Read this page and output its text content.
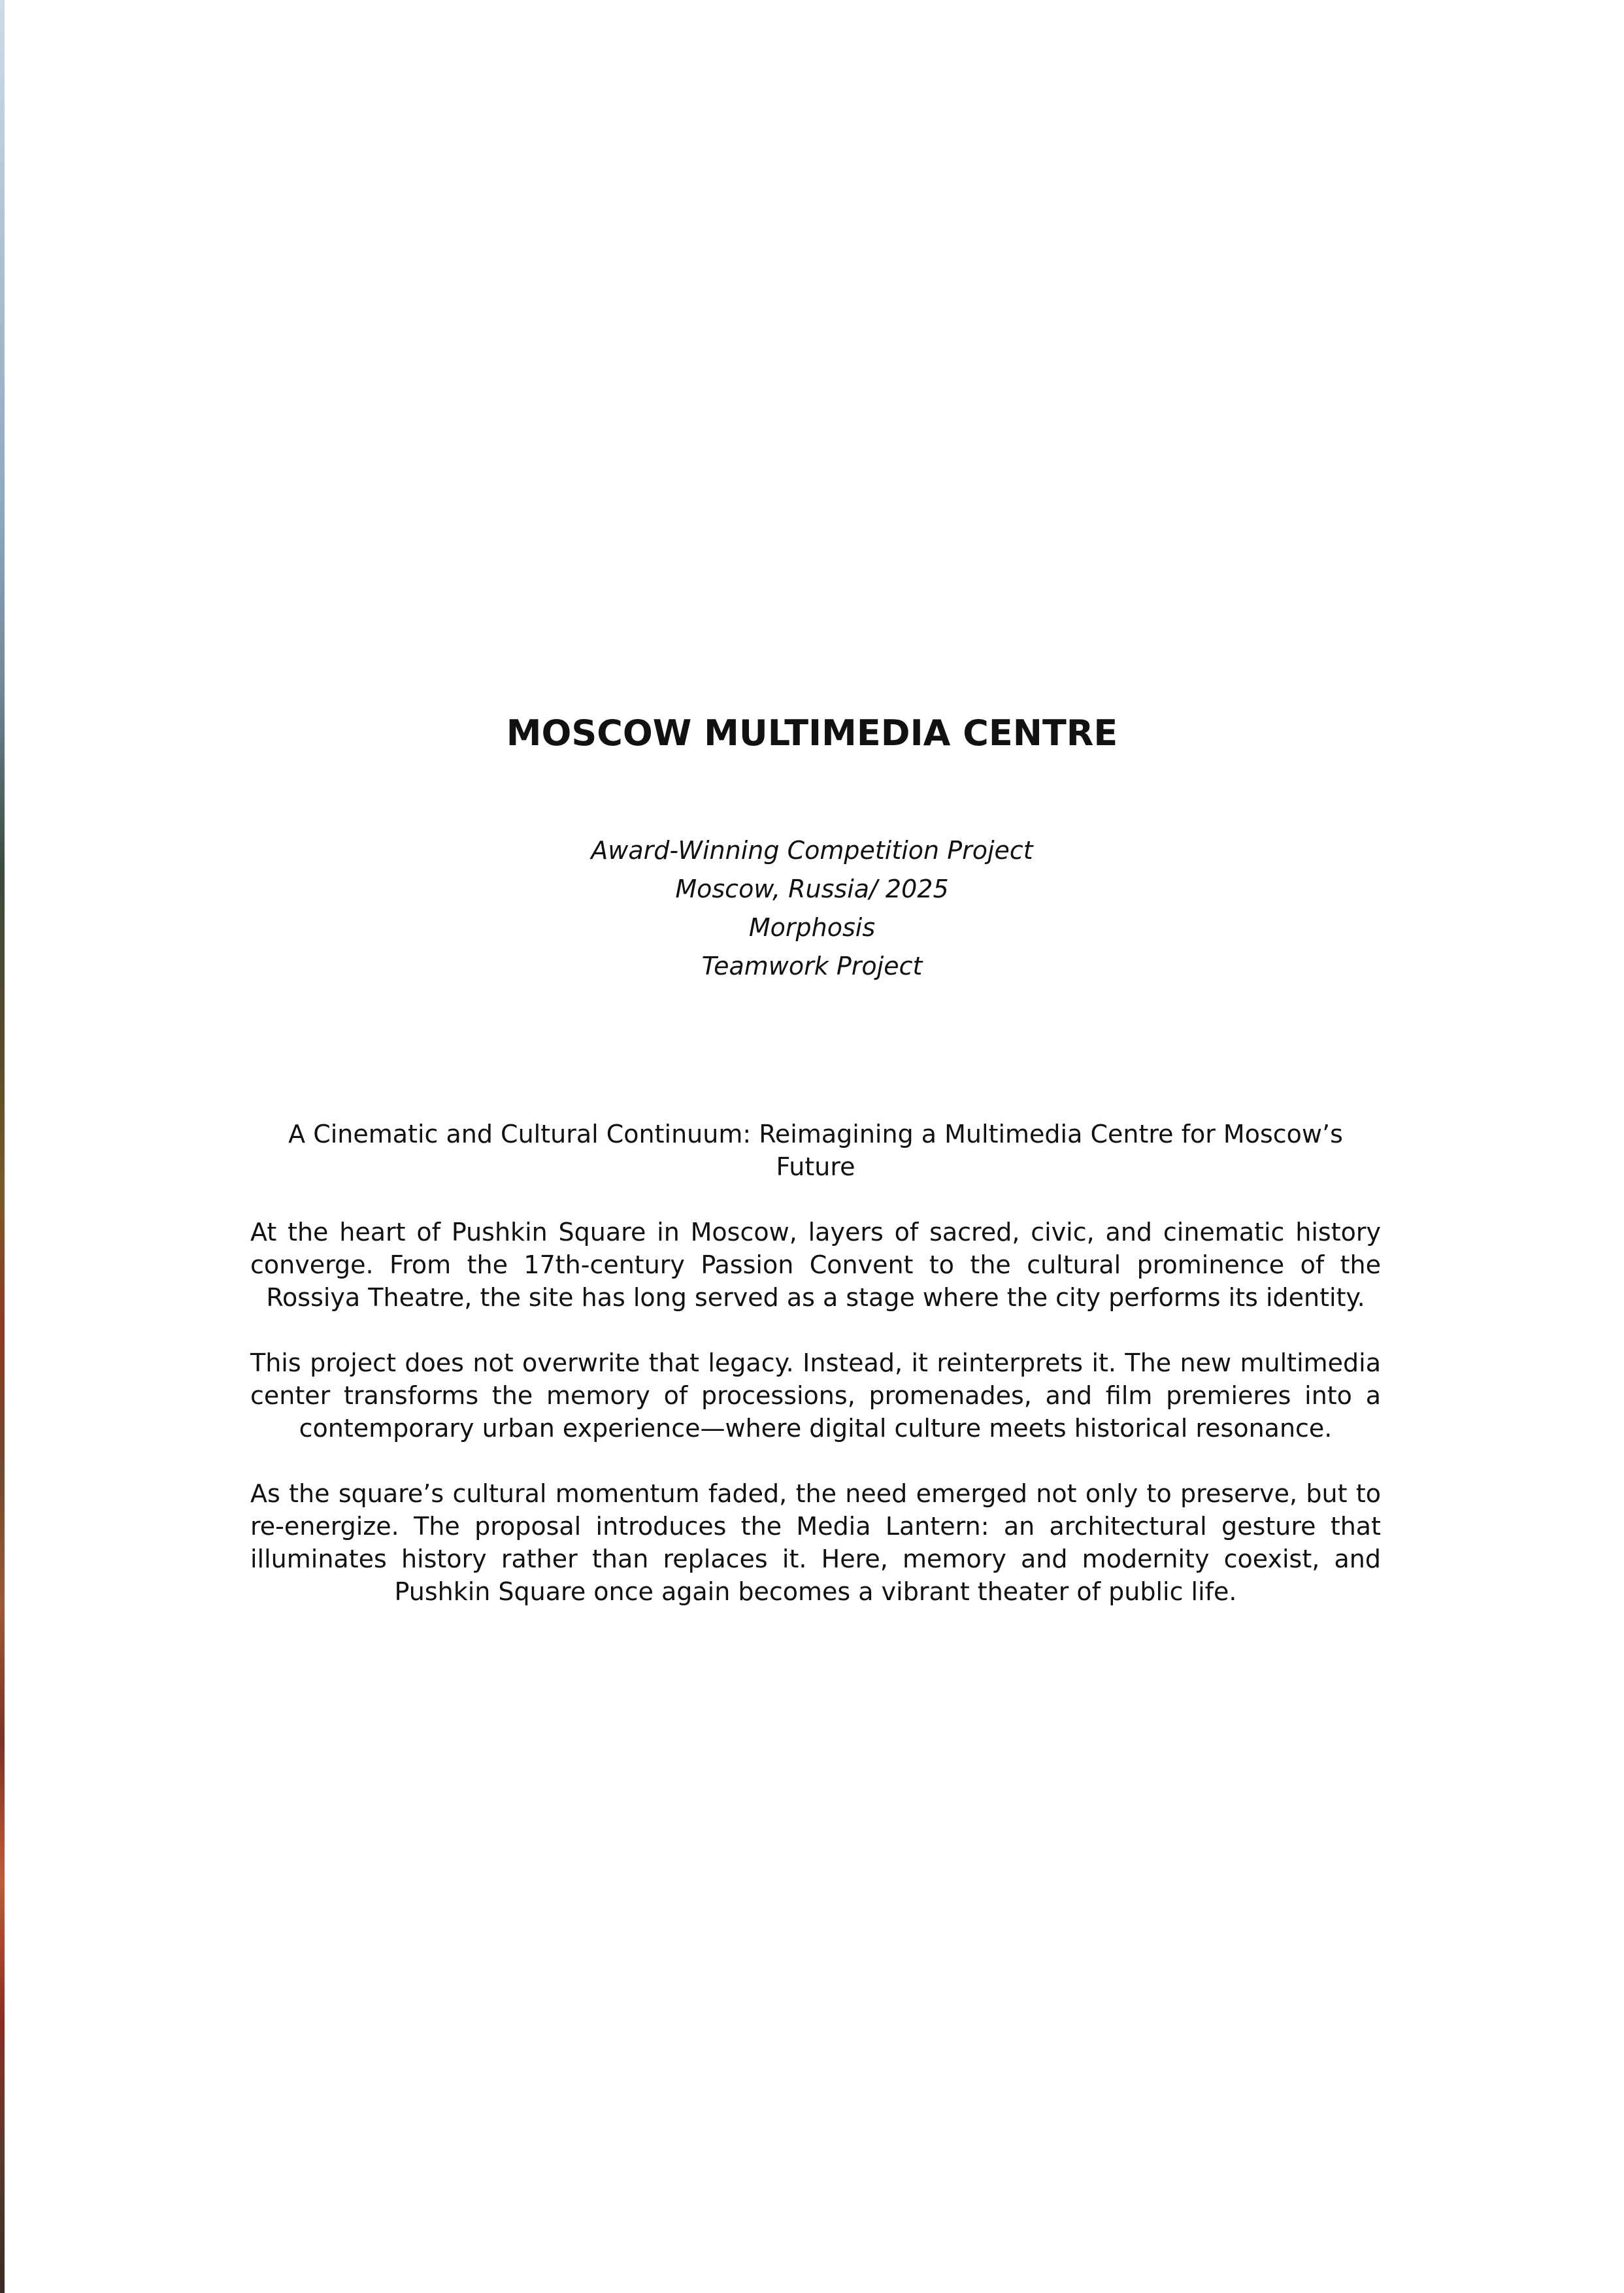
MOSCOW MULTIMEDIA CENTRE
Award-Winning Competition Project
Moscow, Russia/ 2025
Morphosis
Teamwork Project

A Cinematic and Cultural Continuum: Reimagining a Multimedia Centre for Moscow’s Future

At the heart of Pushkin Square in Moscow, layers of sacred, civic, and cinematic history converge. From the 17th-century Passion Convent to the cultural prominence of the Rossiya Theatre, the site has long served as a stage where the city performs its identity.

This project does not overwrite that legacy. Instead, it reinterprets it. The new multimedia center transforms the memory of processions, promenades, and film premieres into a contemporary urban experience—where digital culture meets historical resonance.

As the square’s cultural momentum faded, the need emerged not only to preserve, but to re-energize. The proposal introduces the Media Lantern: an architectural gesture that illuminates history rather than replaces it. Here, memory and modernity coexist, and Pushkin Square once again becomes a vibrant theater of public life.
